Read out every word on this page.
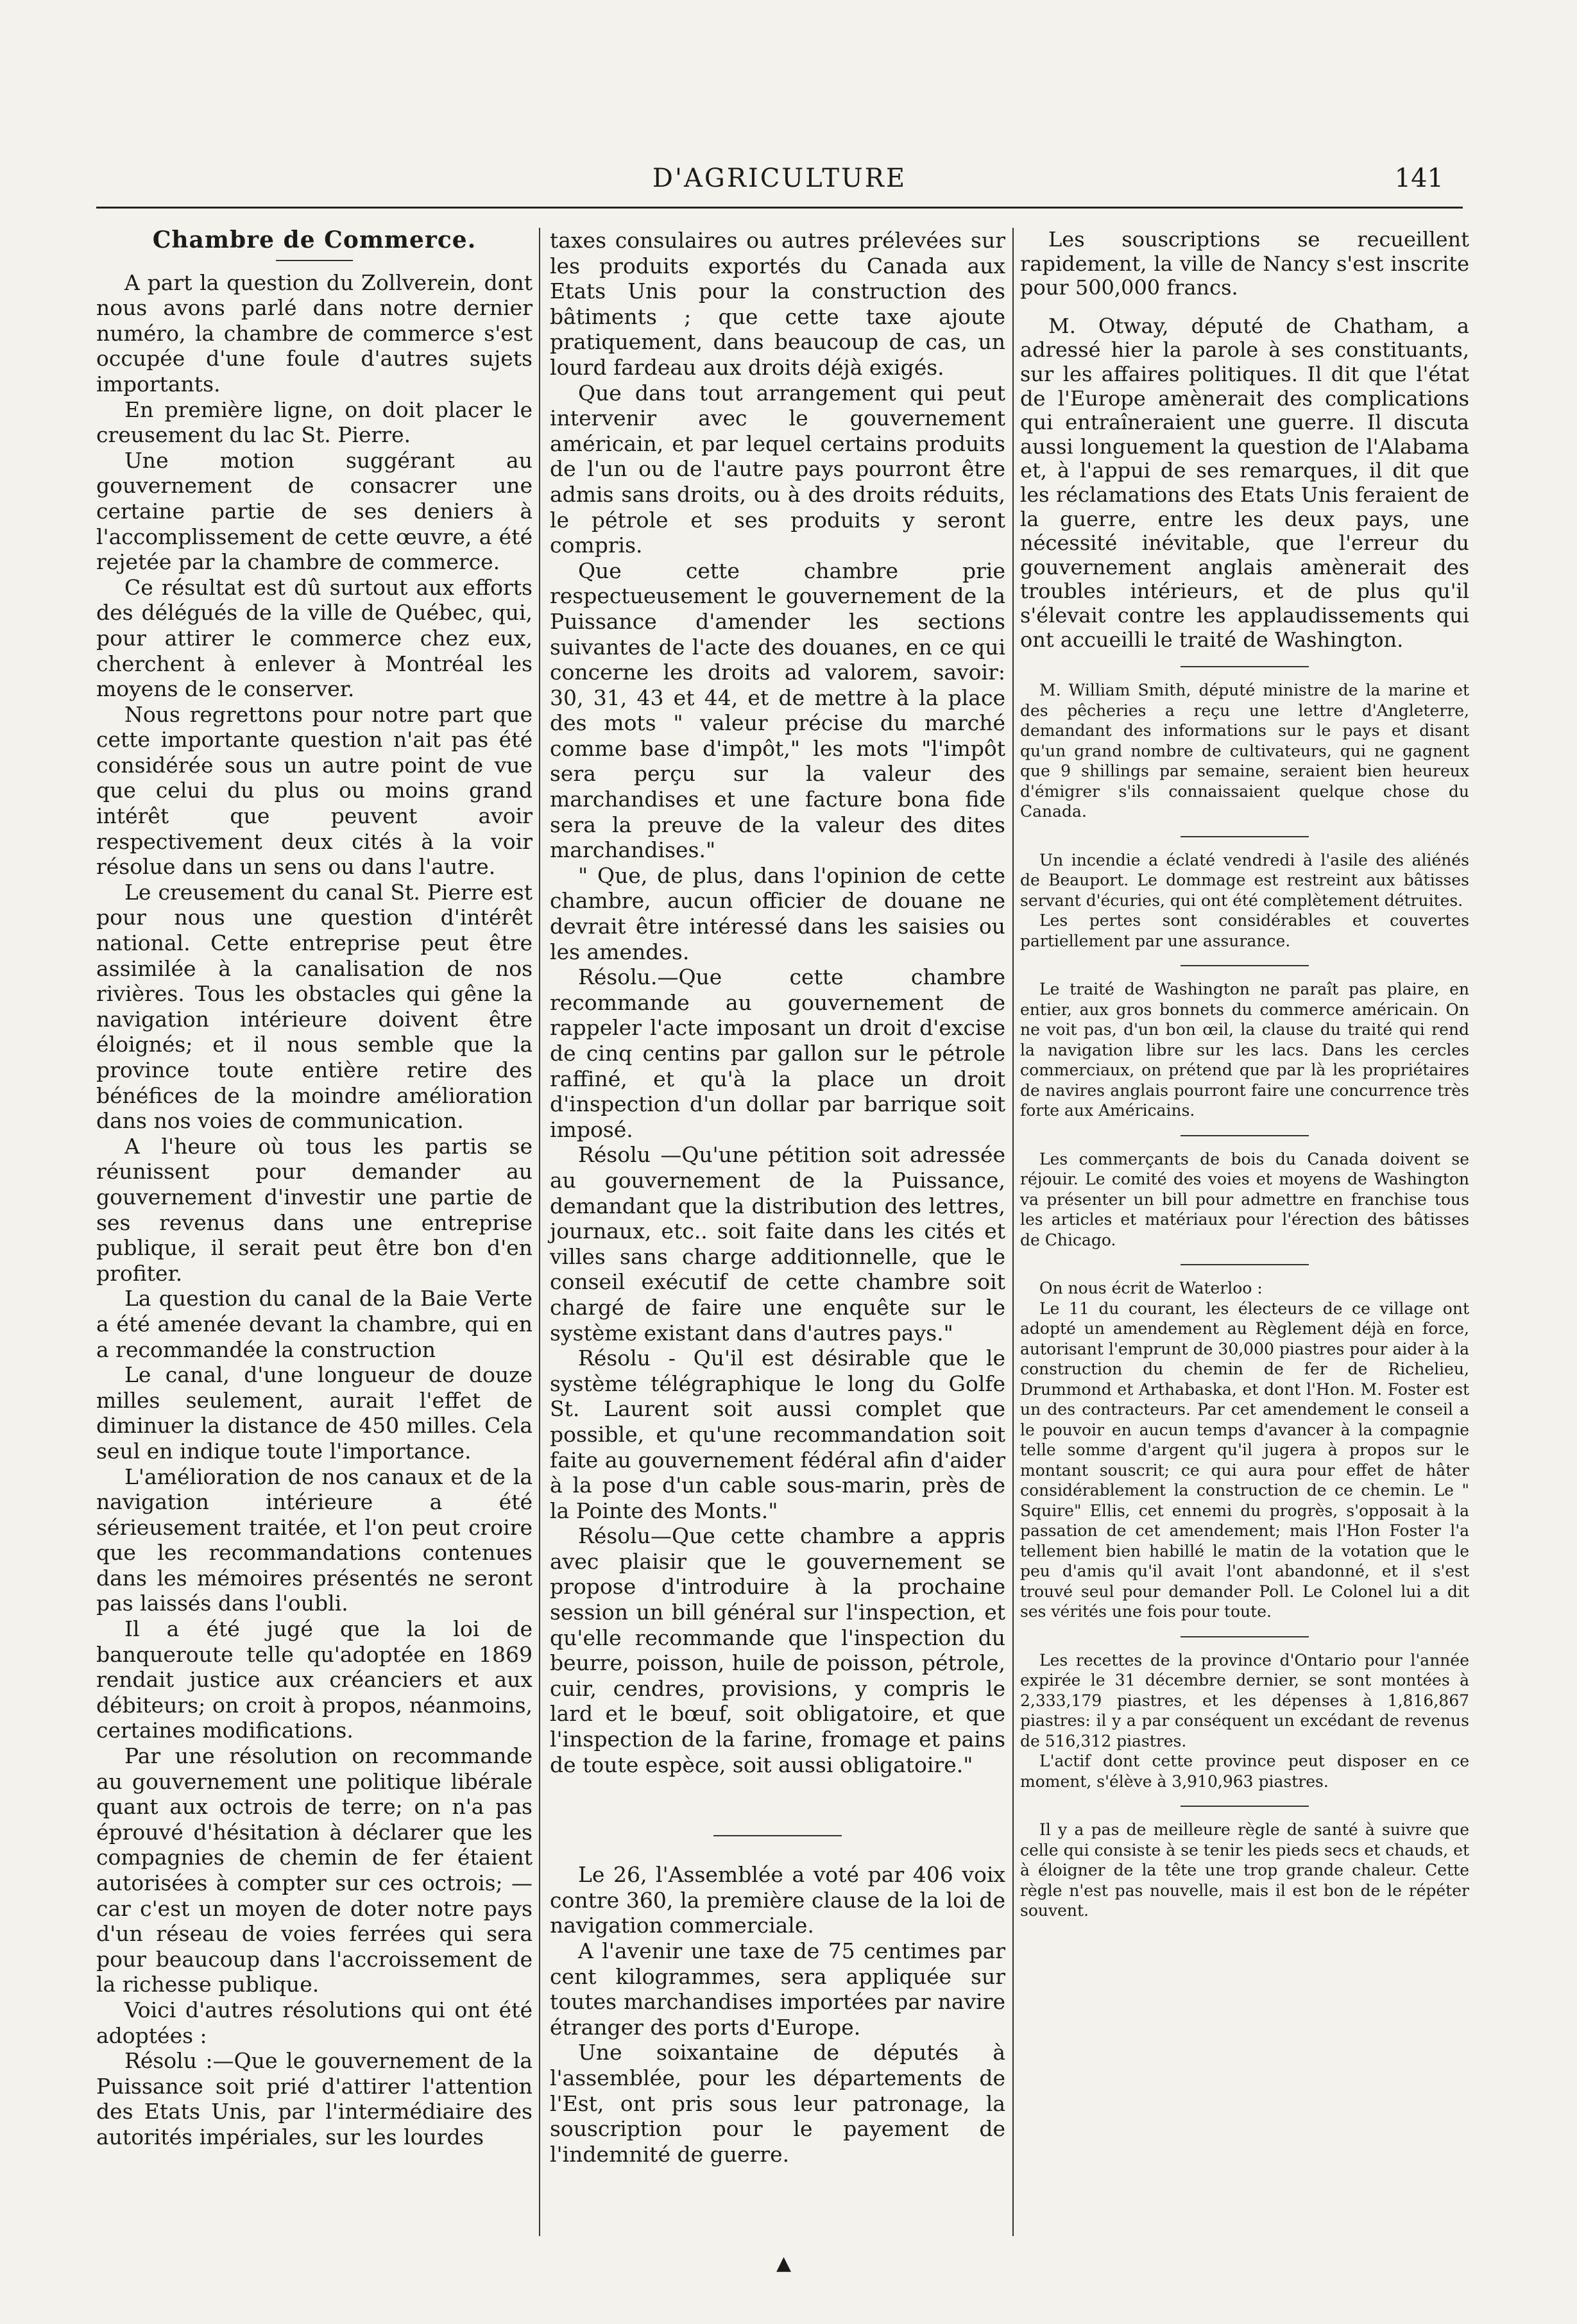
D'AGRICULTURE	141
Chambre de Commerce.

A part la question du Zollverein, dont nous avons parlé dans notre dernier numéro, la chambre de commerce s'est occupée d'une foule d'autres sujets importants.

En première ligne, on doit placer le creusement du lac St. Pierre.

Une motion suggérant au gouvernement de consacrer une certaine partie de ses deniers à l'accomplissement de cette œuvre, a été rejetée par la chambre de commerce.

Ce résultat est dû surtout aux efforts des délégués de la ville de Québec, qui, pour attirer le commerce chez eux, cherchent à enlever à Montréal les moyens de le conserver.

Nous regrettons pour notre part que cette importante question n'ait pas été considérée sous un autre point de vue que celui du plus ou moins grand intérêt que peuvent avoir respectivement deux cités à la voir résolue dans un sens ou dans l'autre.

Le creusement du canal St. Pierre est pour nous une question d'intérêt national. Cette entreprise peut être assimilée à la canalisation de nos rivières. Tous les obstacles qui gêne la navigation intérieure doivent être éloignés; et il nous semble que la province toute entière retire des bénéfices de la moindre amélioration dans nos voies de communication.

A l'heure où tous les partis se réunissent pour demander au gouvernement d'investir une partie de ses revenus dans une entreprise publique, il serait peut être bon d'en profiter.

La question du canal de la Baie Verte a été amenée devant la chambre, qui en a recommandée la construction

Le canal, d'une longueur de douze milles seulement, aurait l'effet de diminuer la distance de 450 milles. Cela seul en indique toute l'importance.

L'amélioration de nos canaux et de la navigation intérieure a été sérieusement traitée, et l'on peut croire que les recommandations contenues dans les mémoires présentés ne seront pas laissés dans l'oubli.

Il a été jugé que la loi de banqueroute telle qu'adoptée en 1869 rendait justice aux créanciers et aux débiteurs; on croit à propos, néanmoins, certaines modifications.

Par une résolution on recommande au gouvernement une politique libérale quant aux octrois de terre; on n'a pas éprouvé d'hésitation à déclarer que les compagnies de chemin de fer étaient autorisées à compter sur ces octrois; — car c'est un moyen de doter notre pays d'un réseau de voies ferrées qui sera pour beaucoup dans l'accroissement de la richesse publique.

Voici d'autres résolutions qui ont été adoptées :

Résolu :—Que le gouvernement de la Puissance soit prié d'attirer l'attention des Etats Unis, par l'intermédiaire des autorités impériales, sur les lourdes

taxes consulaires ou autres prélevées sur les produits exportés du Canada aux Etats Unis pour la construction des bâtiments ; que cette taxe ajoute pratiquement, dans beaucoup de cas, un lourd fardeau aux droits déjà exigés.

Que dans tout arrangement qui peut intervenir avec le gouvernement américain, et par lequel certains produits de l'un ou de l'autre pays pourront être admis sans droits, ou à des droits réduits, le pétrole et ses produits y seront compris.

Que cette chambre prie respectueusement le gouvernement de la Puissance d'amender les sections suivantes de l'acte des douanes, en ce qui concerne les droits ad valorem, savoir: 30, 31, 43 et 44, et de mettre à la place des mots " valeur précise du marché comme base d'impôt," les mots "l'impôt sera perçu sur la valeur des marchandises et une facture bona fide sera la preuve de la valeur des dites marchandises."

" Que, de plus, dans l'opinion de cette chambre, aucun officier de douane ne devrait être intéressé dans les saisies ou les amendes.

Résolu.—Que cette chambre recommande au gouvernement de rappeler l'acte imposant un droit d'excise de cinq centins par gallon sur le pétrole raffiné, et qu'à la place un droit d'inspection d'un dollar par barrique soit imposé.

Résolu —Qu'une pétition soit adressée au gouvernement de la Puissance, demandant que la distribution des lettres, journaux, etc.. soit faite dans les cités et villes sans charge additionnelle, que le conseil exécutif de cette chambre soit chargé de faire une enquête sur le système existant dans d'autres pays."

Résolu - Qu'il est désirable que le système télégraphique le long du Golfe St. Laurent soit aussi complet que possible, et qu'une recommandation soit faite au gouvernement fédéral afin d'aider à la pose d'un cable sous-marin, près de la Pointe des Monts."

Résolu—Que cette chambre a appris avec plaisir que le gouvernement se propose d'introduire à la prochaine session un bill général sur l'inspection, et qu'elle recommande que l'inspection du beurre, poisson, huile de poisson, pétrole, cuir, cendres, provisions, y compris le lard et le bœuf, soit obligatoire, et que l'inspection de la farine, fromage et pains de toute espèce, soit aussi obligatoire."

Le 26, l'Assemblée a voté par 406 voix contre 360, la première clause de la loi de navigation commerciale.

A l'avenir une taxe de 75 centimes par cent kilogrammes, sera appliquée sur toutes marchandises importées par navire étranger des ports d'Europe.

Une soixantaine de députés à l'assemblée, pour les départements de l'Est, ont pris sous leur patronage, la souscription pour le payement de l'indemnité de guerre.

Les souscriptions se recueillent rapidement, la ville de Nancy s'est inscrite pour 500,000 francs.

M. Otway, député de Chatham, a adressé hier la parole à ses constituants, sur les affaires politiques. Il dit que l'état de l'Europe amènerait des complications qui entraîneraient une guerre. Il discuta aussi longuement la question de l'Alabama et, à l'appui de ses remarques, il dit que les réclamations des Etats Unis feraient de la guerre, entre les deux pays, une nécessité inévitable, que l'erreur du gouvernement anglais amènerait des troubles intérieurs, et de plus qu'il s'élevait contre les applaudissements qui ont accueilli le traité de Washington.

M. William Smith, député ministre de la marine et des pêcheries a reçu une lettre d'Angleterre, demandant des informations sur le pays et disant qu'un grand nombre de cultivateurs, qui ne gagnent que 9 shillings par semaine, seraient bien heureux d'émigrer s'ils connaissaient quelque chose du Canada.

Un incendie a éclaté vendredi à l'asile des aliénés de Beauport. Le dommage est restreint aux bâtisses servant d'écuries, qui ont été complètement détruites.

Les pertes sont considérables et couvertes partiellement par une assurance.

Le traité de Washington ne paraît pas plaire, en entier, aux gros bonnets du commerce américain. On ne voit pas, d'un bon œil, la clause du traité qui rend la navigation libre sur les lacs. Dans les cercles commerciaux, on prétend que par là les propriétaires de navires anglais pourront faire une concurrence très forte aux Américains.

Les commerçants de bois du Canada doivent se réjouir. Le comité des voies et moyens de Washington va présenter un bill pour admettre en franchise tous les articles et matériaux pour l'érection des bâtisses de Chicago.

On nous écrit de Waterloo :

Le 11 du courant, les électeurs de ce village ont adopté un amendement au Règlement déjà en force, autorisant l'emprunt de 30,000 piastres pour aider à la construction du chemin de fer de Richelieu, Drummond et Arthabaska, et dont l'Hon. M. Foster est un des contracteurs. Par cet amendement le conseil a le pouvoir en aucun temps d'avancer à la compagnie telle somme d'argent qu'il jugera à propos sur le montant souscrit; ce qui aura pour effet de hâter considérablement la construction de ce chemin. Le " Squire" Ellis, cet ennemi du progrès, s'opposait à la passation de cet amendement; mais l'Hon Foster l'a tellement bien habillé le matin de la votation que le peu d'amis qu'il avait l'ont abandonné, et il s'est trouvé seul pour demander Poll. Le Colonel lui a dit ses vérités une fois pour toute.

Les recettes de la province d'Ontario pour l'année expirée le 31 décembre dernier, se sont montées à 2,333,179 piastres, et les dépenses à 1,816,867 piastres: il y a par conséquent un excédant de revenus de 516,312 piastres.

L'actif dont cette province peut disposer en ce moment, s'élève à 3,910,963 piastres.

Il y a pas de meilleure règle de santé à suivre que celle qui consiste à se tenir les pieds secs et chauds, et à éloigner de la tête une trop grande chaleur. Cette règle n'est pas nouvelle, mais il est bon de le répéter souvent.

▲
